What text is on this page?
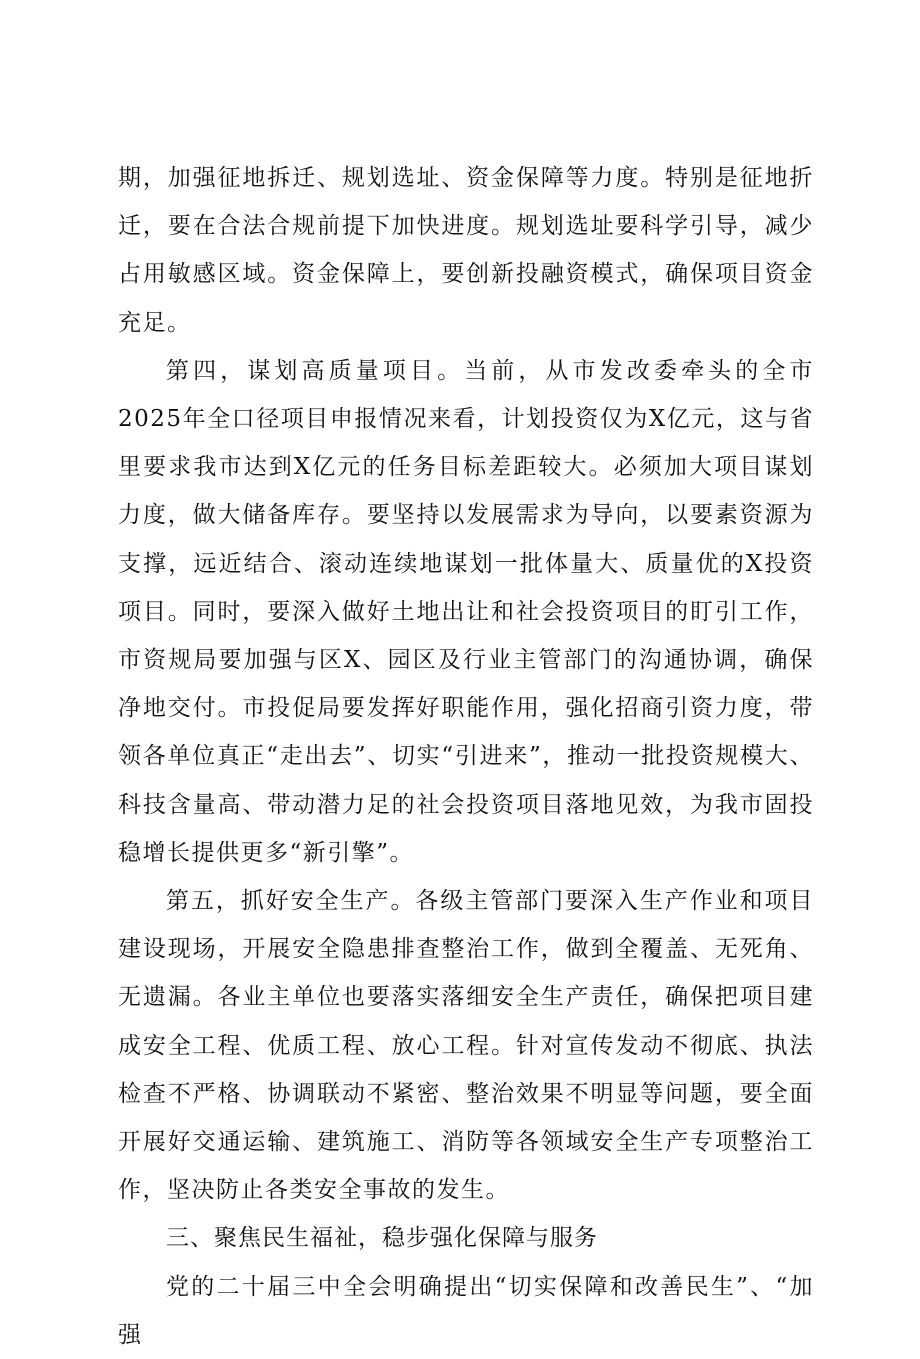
期，加强征地拆迁、规划选址、资金保障等力度。特别是征地折迁，要在合法合规前提下加快进度。规划选址要科学引导，减少占用敏感区域。资金保障上，要创新投融资模式，确保项目资金充足。

第四，谋划高质量项目。当前，从市发改委牵头的全市2025年全口径项目申报情况来看，计划投资仅为X亿元，这与省里要求我市达到X亿元的任务目标差距较大。必须加大项目谋划力度，做大储备库存。要坚持以发展需求为导向，以要素资源为支撑，远近结合、滚动连续地谋划一批体量大、质量优的X投资项目。同时，要深入做好土地出让和社会投资项目的盯引工作，市资规局要加强与区X、园区及行业主管部门的沟通协调，确保净地交付。市投促局要发挥好职能作用，强化招商引资力度，带领各单位真正“走出去”、切实“引进来”，推动一批投资规模大、科技含量高、带动潜力足的社会投资项目落地见效，为我市固投稳增长提供更多“新引擎”。

第五，抓好安全生产。各级主管部门要深入生产作业和项目建设现场，开展安全隐患排查整治工作，做到全覆盖、无死角、无遗漏。各业主单位也要落实落细安全生产责任，确保把项目建成安全工程、优质工程、放心工程。针对宣传发动不彻底、执法检查不严格、协调联动不紧密、整治效果不明显等问题，要全面开展好交通运输、建筑施工、消防等各领域安全生产专项整治工作，坚决防止各类安全事故的发生。

三、聚焦民生福祉，稳步强化保障与服务

党的二十届三中全会明确提出“切实保障和改善民生”、“加强
